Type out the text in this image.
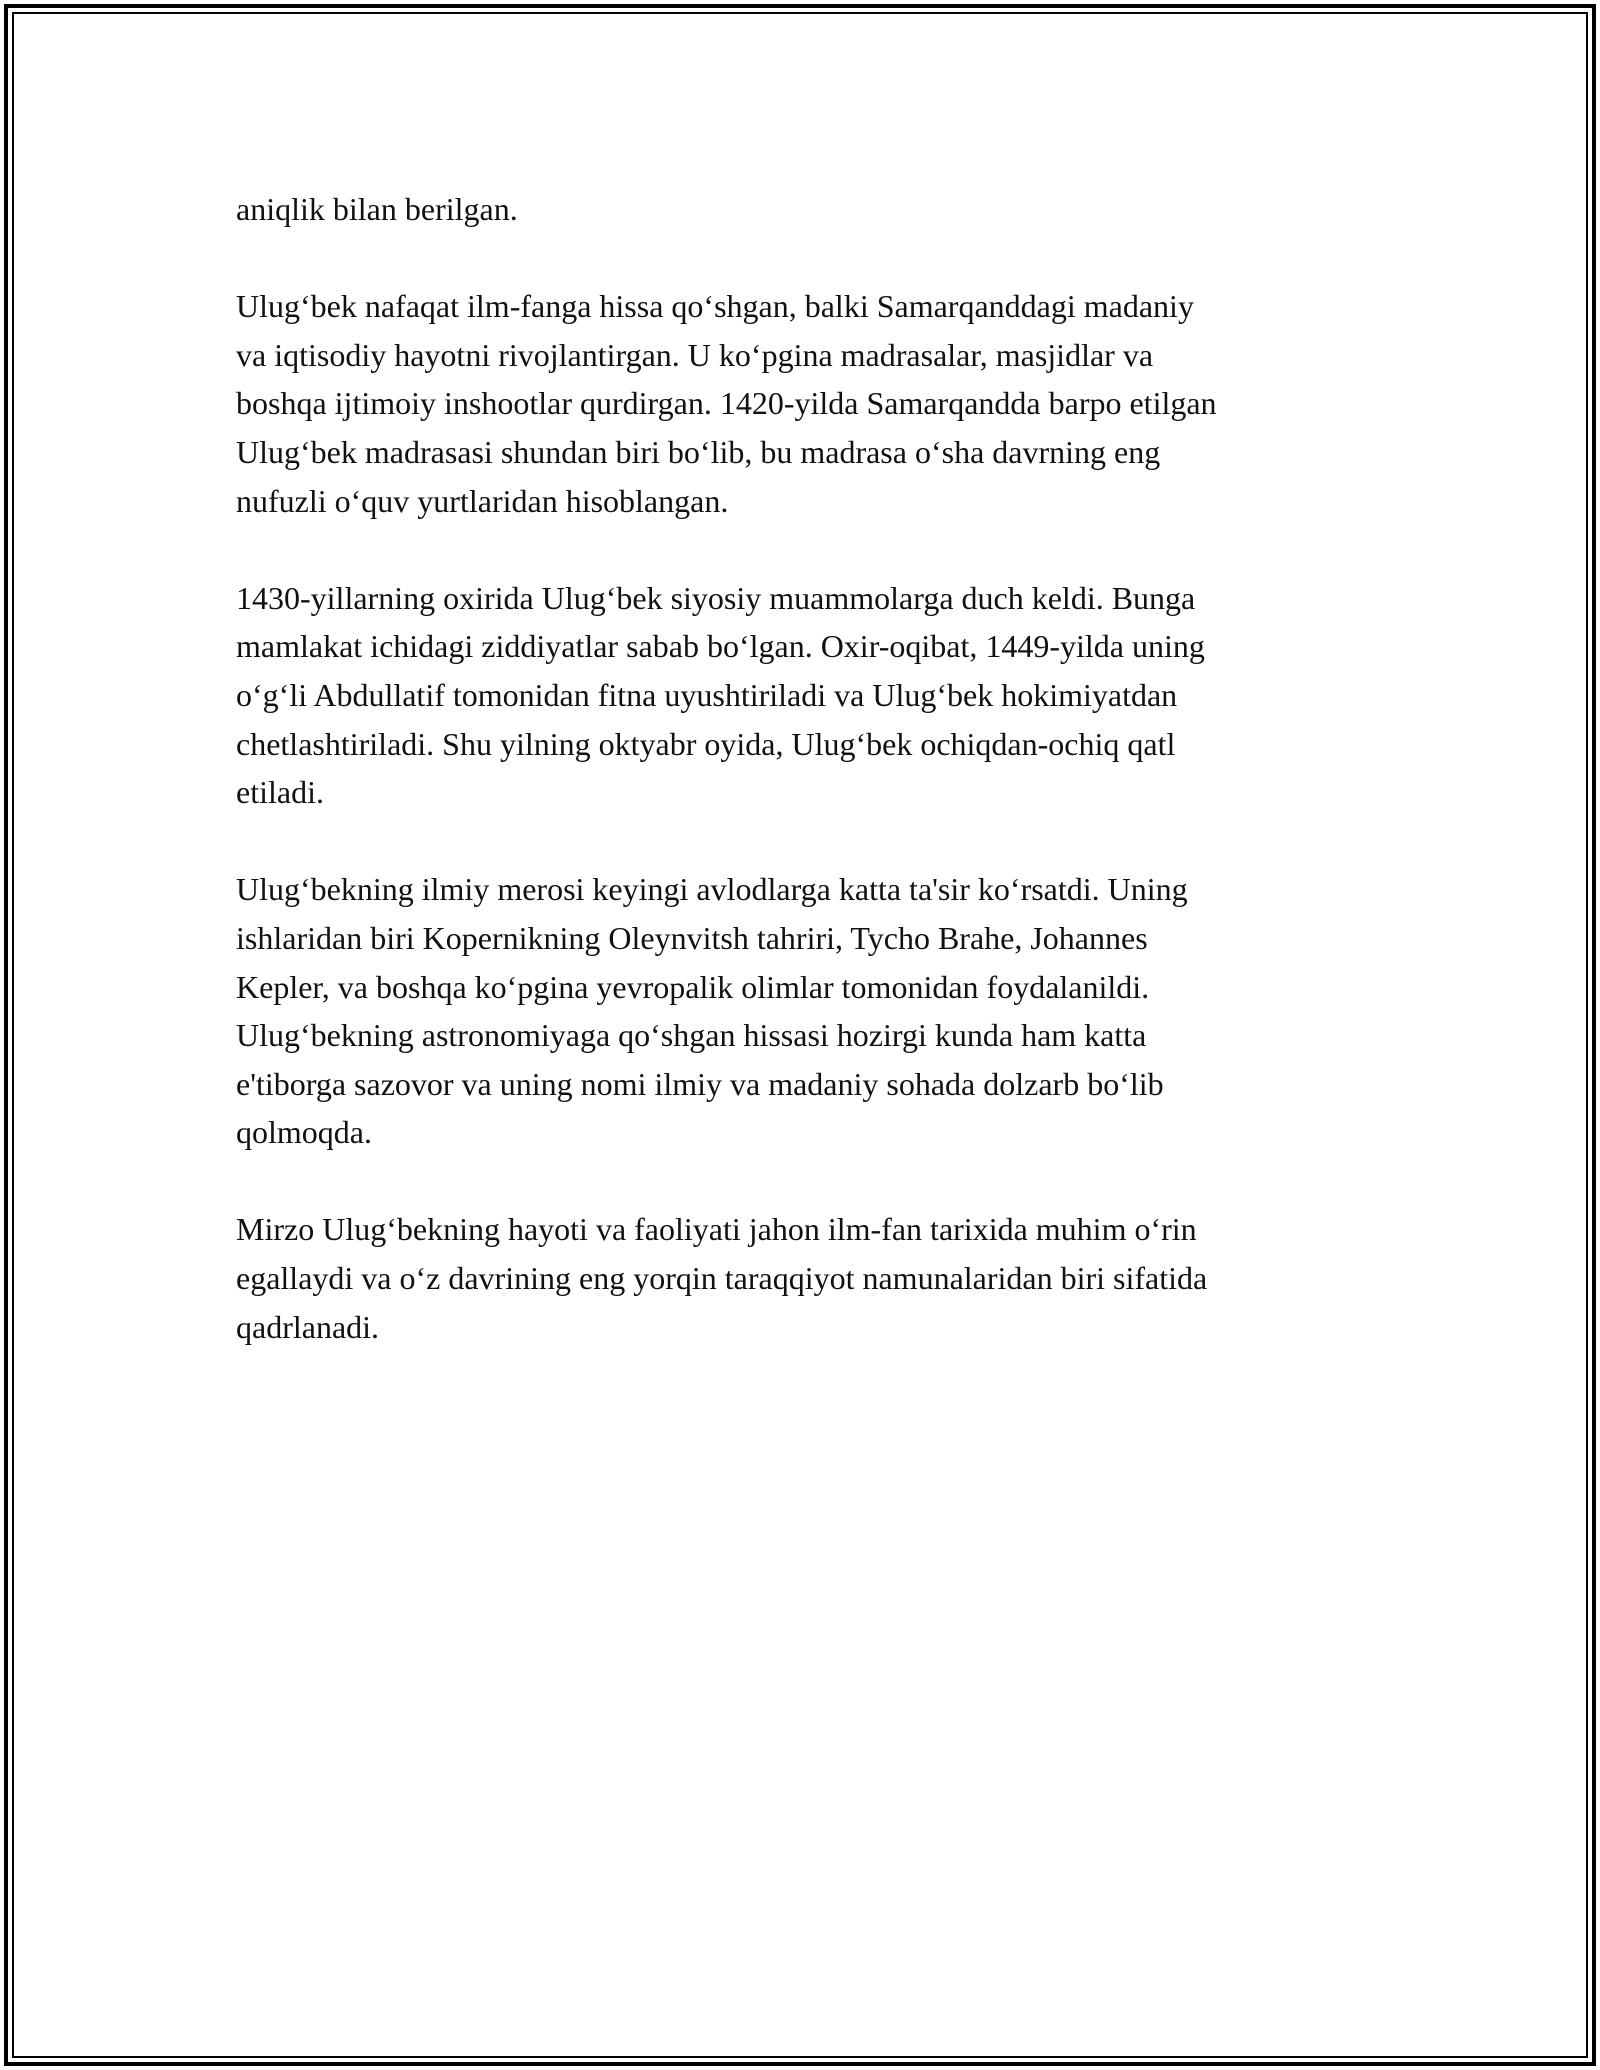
aniqlik bilan berilgan.

Ulug‘bek nafaqat ilm-fanga hissa qo‘shgan, balki Samarqanddagi madaniy
va iqtisodiy hayotni rivojlantirgan. U ko‘pgina madrasalar, masjidlar va
boshqa ijtimoiy inshootlar qurdirgan. 1420-yilda Samarqandda barpo etilgan
Ulug‘bek madrasasi shundan biri bo‘lib, bu madrasa o‘sha davrning eng
nufuzli o‘quv yurtlaridan hisoblangan.

1430-yillarning oxirida Ulug‘bek siyosiy muammolarga duch keldi. Bunga
mamlakat ichidagi ziddiyatlar sabab bo‘lgan. Oxir-oqibat, 1449-yilda uning
o‘g‘li Abdullatif tomonidan fitna uyushtiriladi va Ulug‘bek hokimiyatdan
chetlashtiriladi. Shu yilning oktyabr oyida, Ulug‘bek ochiqdan-ochiq qatl
etiladi.

Ulug‘bekning ilmiy merosi keyingi avlodlarga katta ta'sir ko‘rsatdi. Uning
ishlaridan biri Kopernikning Oleynvitsh tahriri, Tycho Brahe, Johannes
Kepler, va boshqa ko‘pgina yevropalik olimlar tomonidan foydalanildi.
Ulug‘bekning astronomiyaga qo‘shgan hissasi hozirgi kunda ham katta
e'tiborga sazovor va uning nomi ilmiy va madaniy sohada dolzarb bo‘lib
qolmoqda.

Mirzo Ulug‘bekning hayoti va faoliyati jahon ilm-fan tarixida muhim o‘rin
egallaydi va o‘z davrining eng yorqin taraqqiyot namunalaridan biri sifatida
qadrlanadi.
